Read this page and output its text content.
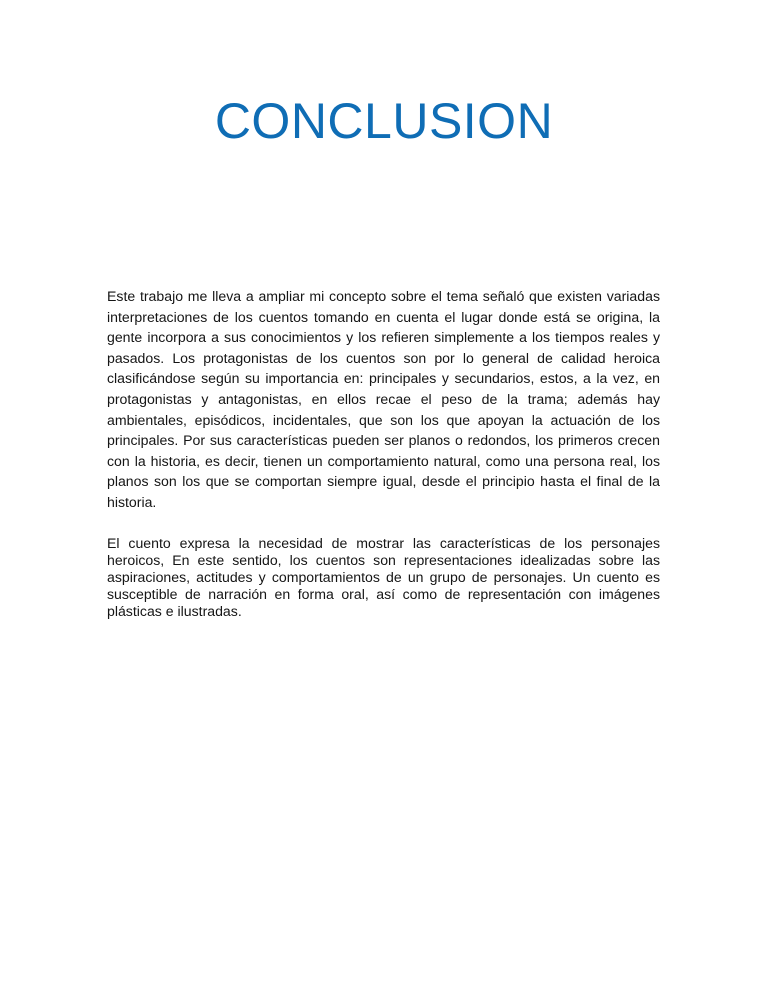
CONCLUSION

Este trabajo me lleva a ampliar mi concepto sobre el tema señaló que existen variadas interpretaciones de los cuentos tomando en cuenta el lugar donde está se origina, la gente incorpora a sus conocimientos y los refieren simplemente a los tiempos reales y pasados. Los protagonistas de los cuentos son por lo general de calidad heroica clasificándose según su importancia en: principales y secundarios, estos, a la vez, en protagonistas y antagonistas, en ellos recae el peso de la trama; además hay ambientales, episódicos, incidentales, que son los que apoyan la actuación de los principales. Por sus características pueden ser planos o redondos, los primeros crecen con la historia, es decir, tienen un comportamiento natural, como una persona real, los planos son los que se comportan siempre igual, desde el principio hasta el final de la historia.

El cuento expresa la necesidad de mostrar las características de los personajes heroicos, En este sentido, los cuentos son representaciones idealizadas sobre las aspiraciones, actitudes y comportamientos de un grupo de personajes. Un cuento es susceptible de narración en forma oral, así como de representación con imágenes plásticas e ilustradas.
